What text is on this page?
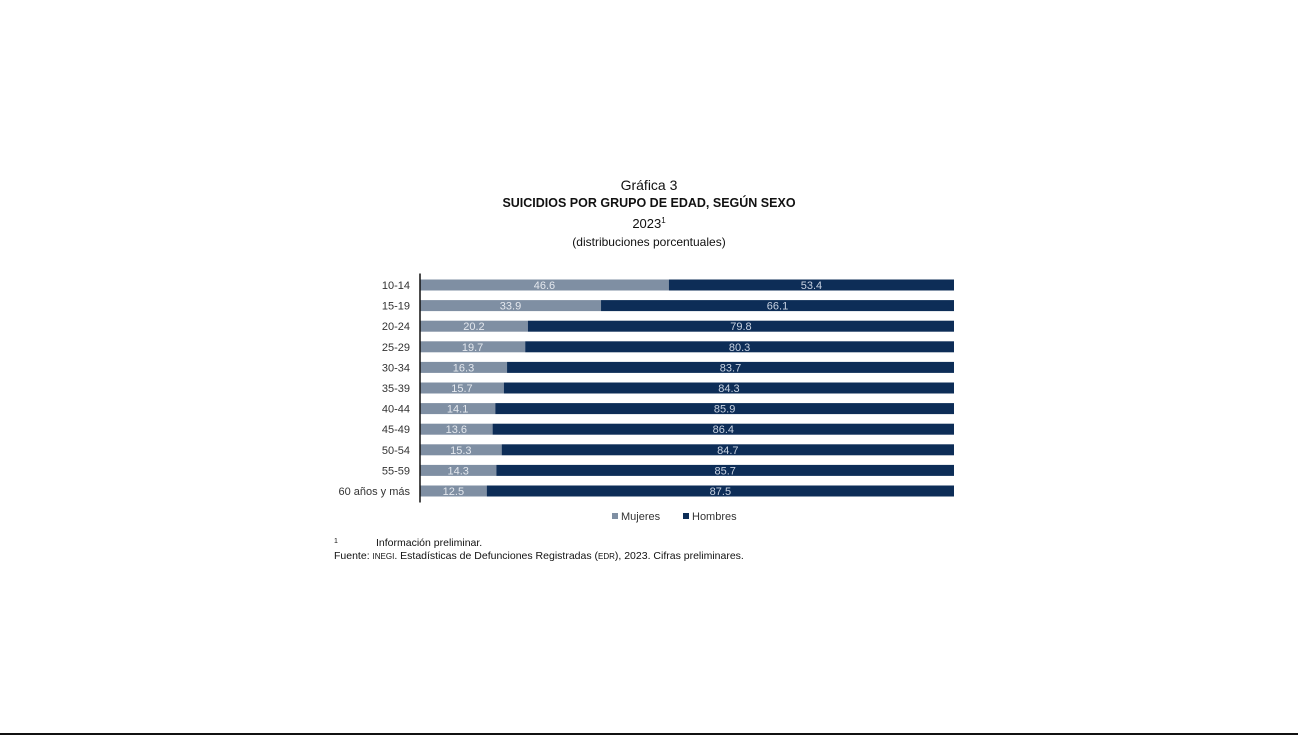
Gráfica 3
SUICIDIOS POR GRUPO DE EDAD, SEGÚN SEXO
2023$^1$
(distribuciones porcentuales)
10-14	46.6	53.4
15-19	33.9	66.1
20-24	20.2	79.8
25-29	19.7	80.3
30-34	16.3	83.7
35-39	15.7	84.3
40-44	14.1	85.9
45-49	13.6	86.4
50-54	15.3	84.7
55-59	14.3	85.7
60 años y más	12.5	87.5
Mujeres	Hombres
1	Información preliminar.
Fuente: INEGI. Estadísticas de Defunciones Registradas (EDR), 2023. Cifras preliminares.
